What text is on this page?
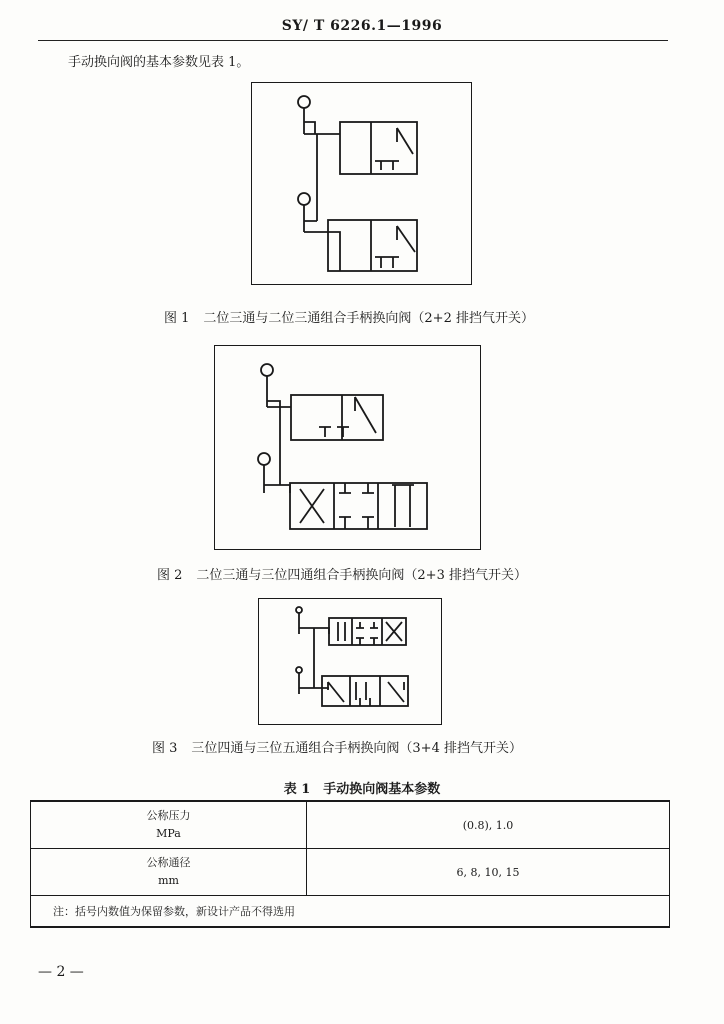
SY/ T 6226.1—1996
手动换向阀的基本参数见表 1。
图 1 二位三通与二位三通组合手柄换向阀（2+2 排挡气开关）
图 2 二位三通与三位四通组合手柄换向阀（2+3 排挡气开关）
图 3 三位四通与三位五通组合手柄换向阀（3+4 排挡气开关）
表 1　手动换向阀基本参数
公称压力
MPa	(0.8), 1.0

公称通径
mm	6, 8, 10, 15
注：括号内数值为保留参数，新设计产品不得选用	
— 2 —
